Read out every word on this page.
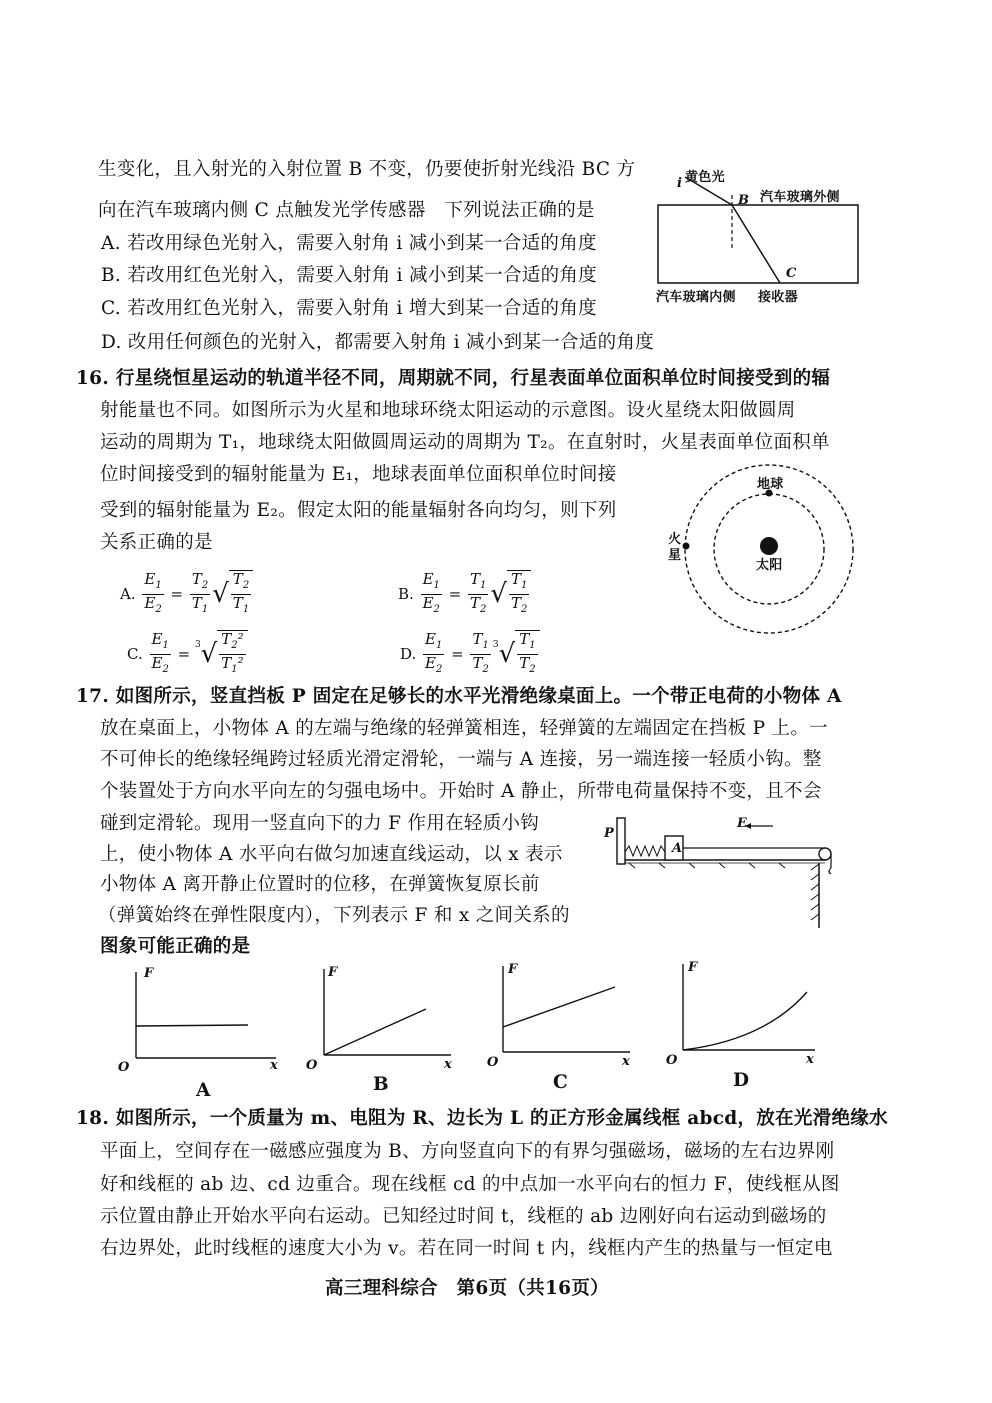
生变化，且入射光的入射位置 B 不变，仍要使折射光线沿 BC 方
向在汽车玻璃内侧 C 点触发光学传感器　下列说法正确的是
A. 若改用绿色光射入，需要入射角 i 减小到某一合适的角度
B. 若改用红色光射入，需要入射角 i 减小到某一合适的角度
C. 若改用红色光射入，需要入射角 i 增大到某一合适的角度
D. 改用任何颜色的光射入，都需要入射角 i 减小到某一合适的角度
黄色光
i
B 汽车玻璃外侧
C
汽车玻璃内侧 接收器
16. 行星绕恒星运动的轨道半径不同，周期就不同，行星表面单位面积单位时间接受到的辐
射能量也不同。如图所示为火星和地球环绕太阳运动的示意图。设火星绕太阳做圆周
运动的周期为 T₁，地球绕太阳做圆周运动的周期为 T₂。在直射时，火星表面单位面积单
位时间接受到的辐射能量为 E₁，地球表面单位面积单位时间接
受到的辐射能量为 E₂。假定太阳的能量辐射各向均匀，则下列
关系正确的是
地球
火星
太阳
A.
$\frac{E_1}{E_2} = \frac{T_2}{T_1}$ √ $T_2$
$T_1$
B.
$\frac{E_1}{E_2} = \frac{T_1}{T_2}$ √ $T_1$
$T_2$
C.
$\frac{E_1}{E_2} = 3$ √ $T_2^2$
$T_1^2$	D.
$\frac{E_1}{E_2} = \frac{T_1}{T_2} 3$ √ $T_1$
$T_2$
17. 如图所示，竖直挡板 P 固定在足够长的水平光滑绝缘桌面上。一个带正电荷的小物体 A
放在桌面上，小物体 A 的左端与绝缘的轻弹簧相连，轻弹簧的左端固定在挡板 P 上。一
不可伸长的绝缘轻绳跨过轻质光滑定滑轮，一端与 A 连接，另一端连接一轻质小钩。整
个装置处于方向水平向左的匀强电场中。开始时 A 静止，所带电荷量保持不变，且不会
碰到定滑轮。现用一竖直向下的力 F 作用在轻质小钩
上，使小物体 A 水平向右做匀加速直线运动，以 x 表示
小物体 A 离开静止位置时的位移，在弹簧恢复原长前
（弹簧始终在弹性限度内），下列表示 F 和 x 之间关系的
图象可能正确的是
P
A
E
F
O	x
A
F
O	x
B
F
O	x
C
F
O	x
D
18. 如图所示，一个质量为 m、电阻为 R、边长为 L 的正方形金属线框 abcd，放在光滑绝缘水
平面上，空间存在一磁感应强度为 B、方向竖直向下的有界匀强磁场，磁场的左右边界刚
好和线框的 ab 边、cd 边重合。现在线框 cd 的中点加一水平向右的恒力 F，使线框从图
示位置由静止开始水平向右运动。已知经过时间 t，线框的 ab 边刚好向右运动到磁场的
右边界处，此时线框的速度大小为 v。若在同一时间 t 内，线框内产生的热量与一恒定电
高三理科综合　第6页（共16页）
